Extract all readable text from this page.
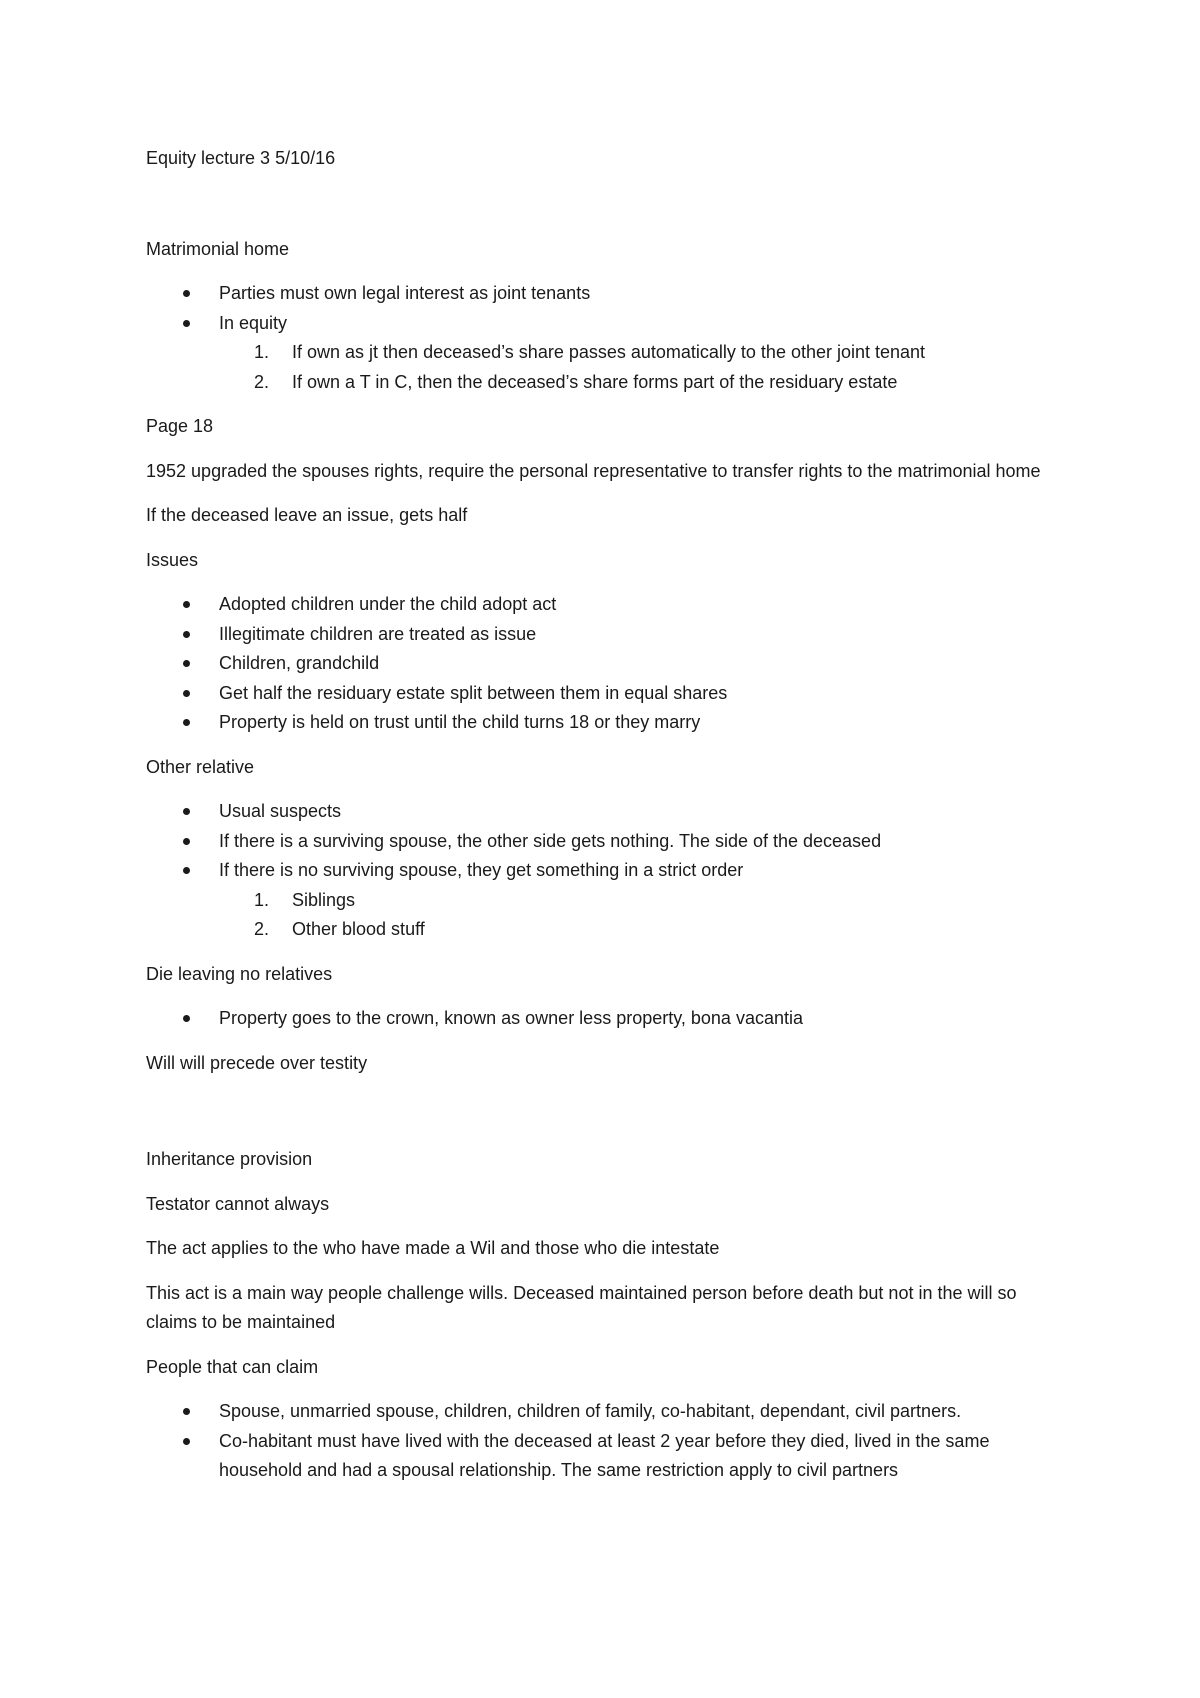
Equity lecture 3 5/10/16

Matrimonial home

Parties must own legal interest as joint tenants
In equity
1. If own as jt then deceased’s share passes automatically to the other joint tenant
2. If own a T in C, then the deceased’s share forms part of the residuary estate

Page 18

1952 upgraded the spouses rights, require the personal representative to transfer rights to the matrimonial home

If the deceased leave an issue, gets half

Issues

Adopted children under the child adopt act
Illegitimate children are treated as issue
Children, grandchild
Get half the residuary estate split between them in equal shares
Property is held on trust until the child turns 18 or they marry

Other relative

Usual suspects
If there is a surviving spouse, the other side gets nothing. The side of the deceased
If there is no surviving spouse, they get something in a strict order
1. Siblings
2. Other blood stuff

Die leaving no relatives

Property goes to the crown, known as owner less property, bona vacantia

Will will precede over testity

Inheritance provision

Testator cannot always

The act applies to the who have made a Wil and those who die intestate

This act is a main way people challenge wills. Deceased maintained person before death but not in the will so claims to be maintained

People that can claim

Spouse, unmarried spouse, children, children of family, co-habitant, dependant, civil partners.
Co-habitant must have lived with the deceased at least 2 year before they died, lived in the same household and had a spousal relationship. The same restriction apply to civil partners
